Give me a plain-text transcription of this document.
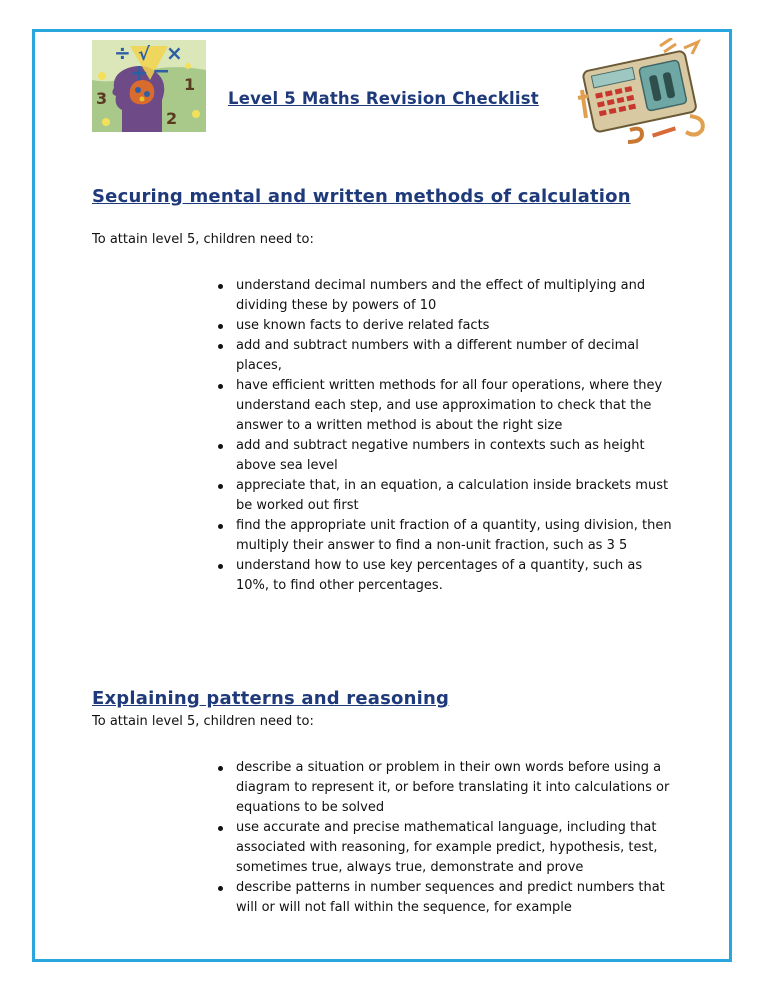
÷ √ ×
+ −
3
1
2
Level 5 Maths Revision Checklist
Securing mental and written methods of calculation
To attain level 5, children need to:
understand decimal numbers and the effect of multiplying and dividing these by powers of 10
use known facts to derive related facts
add and subtract numbers with a different number of decimal places,
have efficient written methods for all four operations, where they understand each step, and use approximation to check that the answer to a written method is about the right size
add and subtract negative numbers in contexts such as height above sea level
appreciate that, in an equation, a calculation inside brackets must be worked out first
find the appropriate unit fraction of a quantity, using division, then multiply their answer to find a non-unit fraction, such as 3 5
understand how to use key percentages of a quantity, such as 10%, to find other percentages.
Explaining patterns and reasoning
To attain level 5, children need to:
describe a situation or problem in their own words before using a diagram to represent it, or before translating it into calculations or equations to be solved
use accurate and precise mathematical language, including that associated with reasoning, for example predict, hypothesis, test, sometimes true, always true, demonstrate and prove
describe patterns in number sequences and predict numbers that will or will not fall within the sequence, for example
